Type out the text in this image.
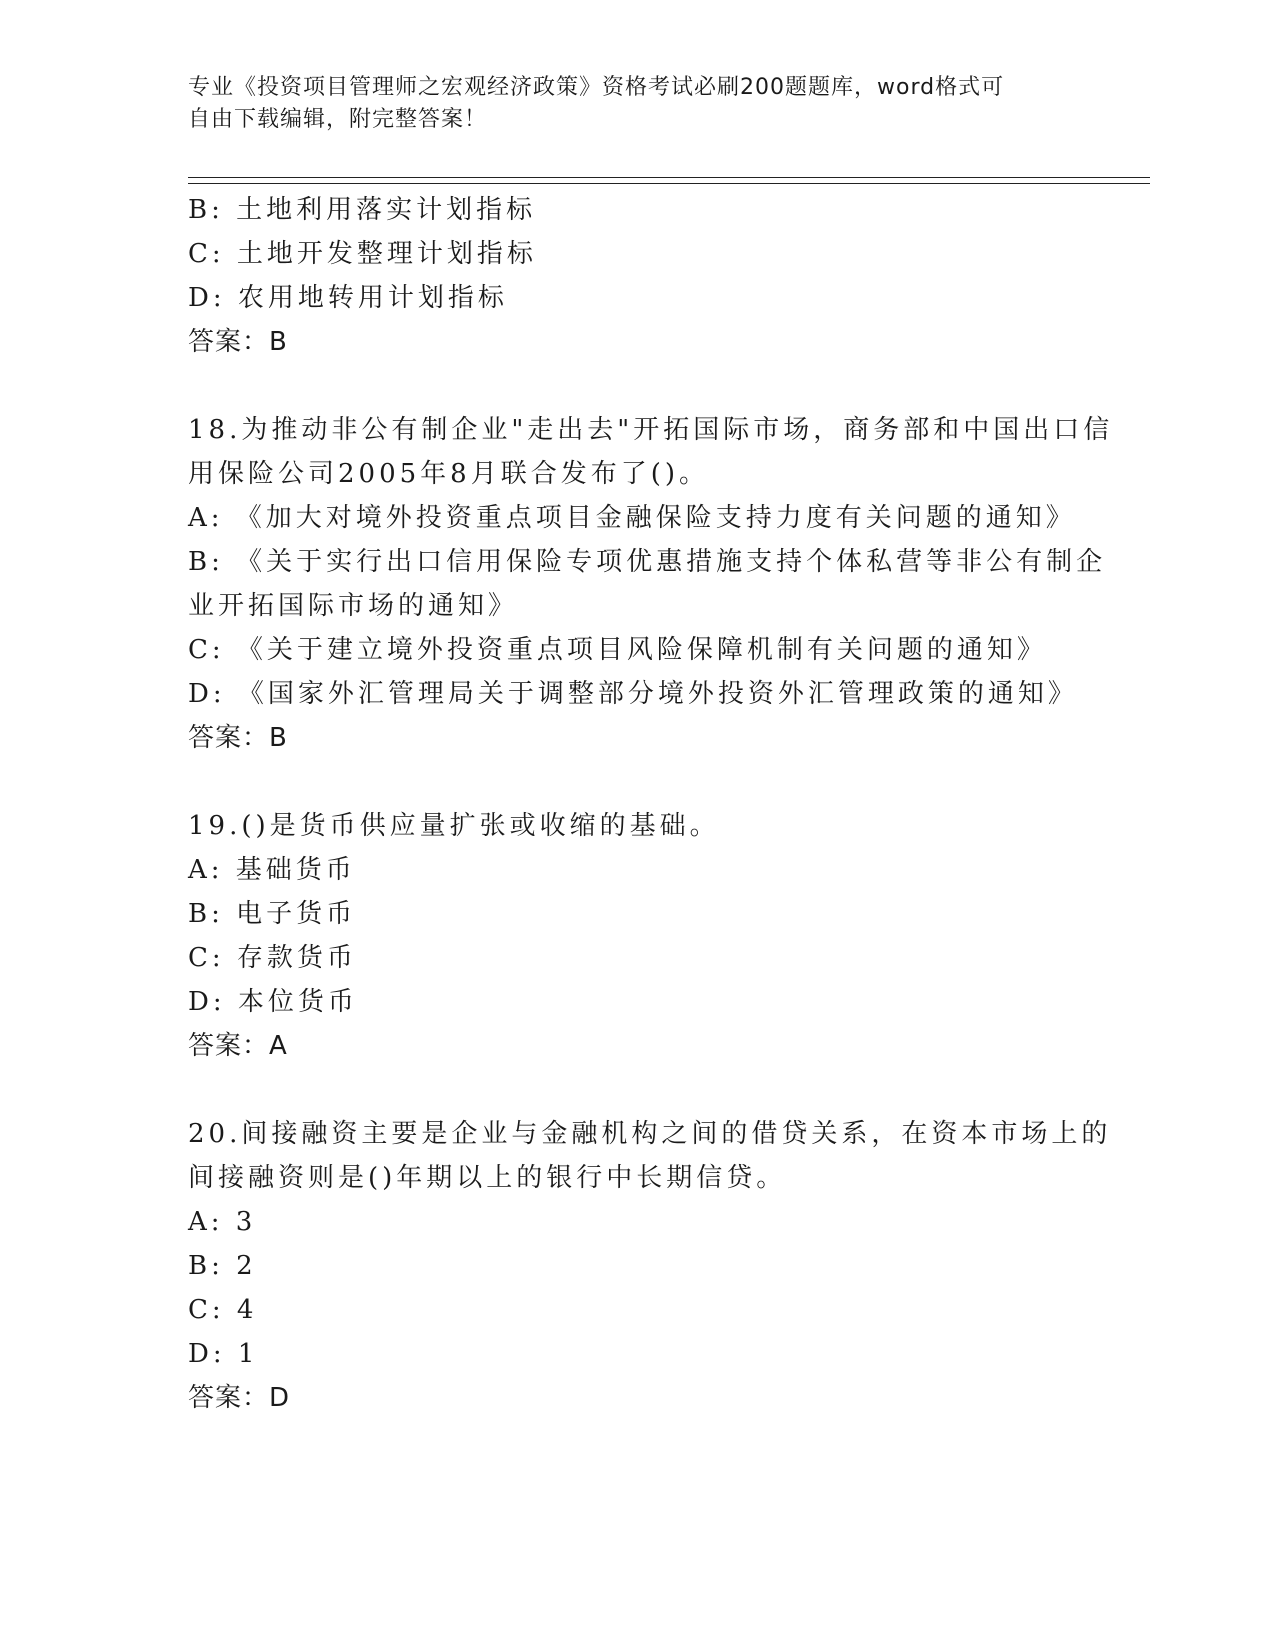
专业《投资项目管理师之宏观经济政策》资格考试必刷200题题库，word格式可
自由下载编辑，附完整答案！
B: 土地利用落实计划指标
C: 土地开发整理计划指标
D: 农用地转用计划指标
答案：B
18.为推动非公有制企业"走出去"开拓国际市场，商务部和中国出口信
用保险公司2005年8月联合发布了()。
A: 《加大对境外投资重点项目金融保险支持力度有关问题的通知》
B: 《关于实行出口信用保险专项优惠措施支持个体私营等非公有制企
业开拓国际市场的通知》
C: 《关于建立境外投资重点项目风险保障机制有关问题的通知》
D: 《国家外汇管理局关于调整部分境外投资外汇管理政策的通知》
答案：B
19.()是货币供应量扩张或收缩的基础。
A: 基础货币
B: 电子货币
C: 存款货币
D: 本位货币
答案：A
20.间接融资主要是企业与金融机构之间的借贷关系，在资本市场上的
间接融资则是()年期以上的银行中长期信贷。
A: 3
B: 2
C: 4
D: 1
答案：D
